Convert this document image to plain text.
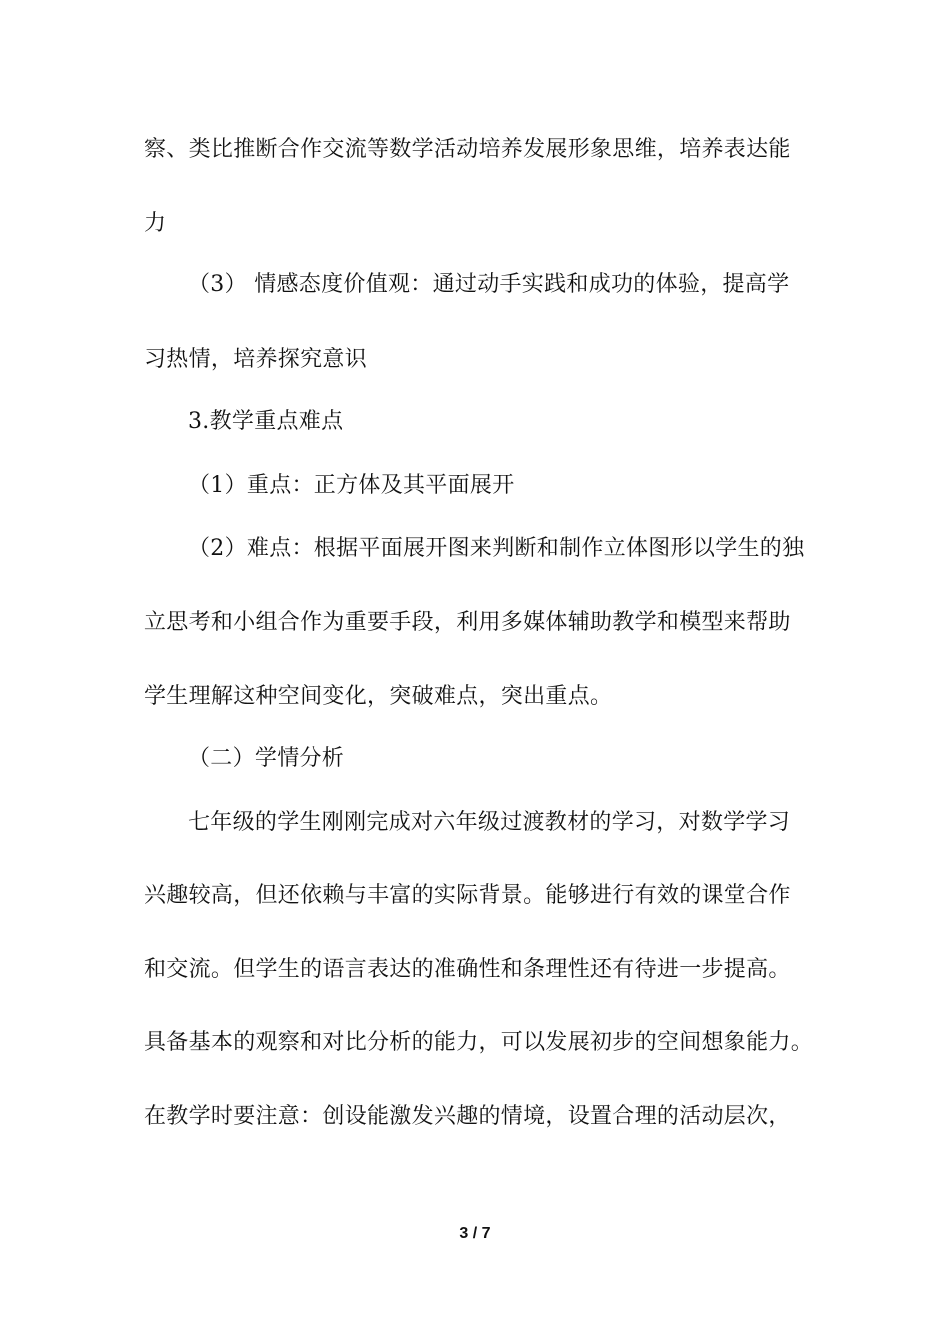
察、类比推断合作交流等数学活动培养发展形象思维，培养表达能
力
（3） 情感态度价值观：通过动手实践和成功的体验，提高学
习热情，培养探究意识
3.教学重点难点
（1）重点：正方体及其平面展开
（2）难点：根据平面展开图来判断和制作立体图形以学生的独
立思考和小组合作为重要手段，利用多媒体辅助教学和模型来帮助
学生理解这种空间变化，突破难点，突出重点。
（二）学情分析
七年级的学生刚刚完成对六年级过渡教材的学习，对数学学习
兴趣较高，但还依赖与丰富的实际背景。能够进行有效的课堂合作
和交流。但学生的语言表达的准确性和条理性还有待进一步提高。
具备基本的观察和对比分析的能力，可以发展初步的空间想象能力。
在教学时要注意：创设能激发兴趣的情境，设置合理的活动层次，
3 / 7
